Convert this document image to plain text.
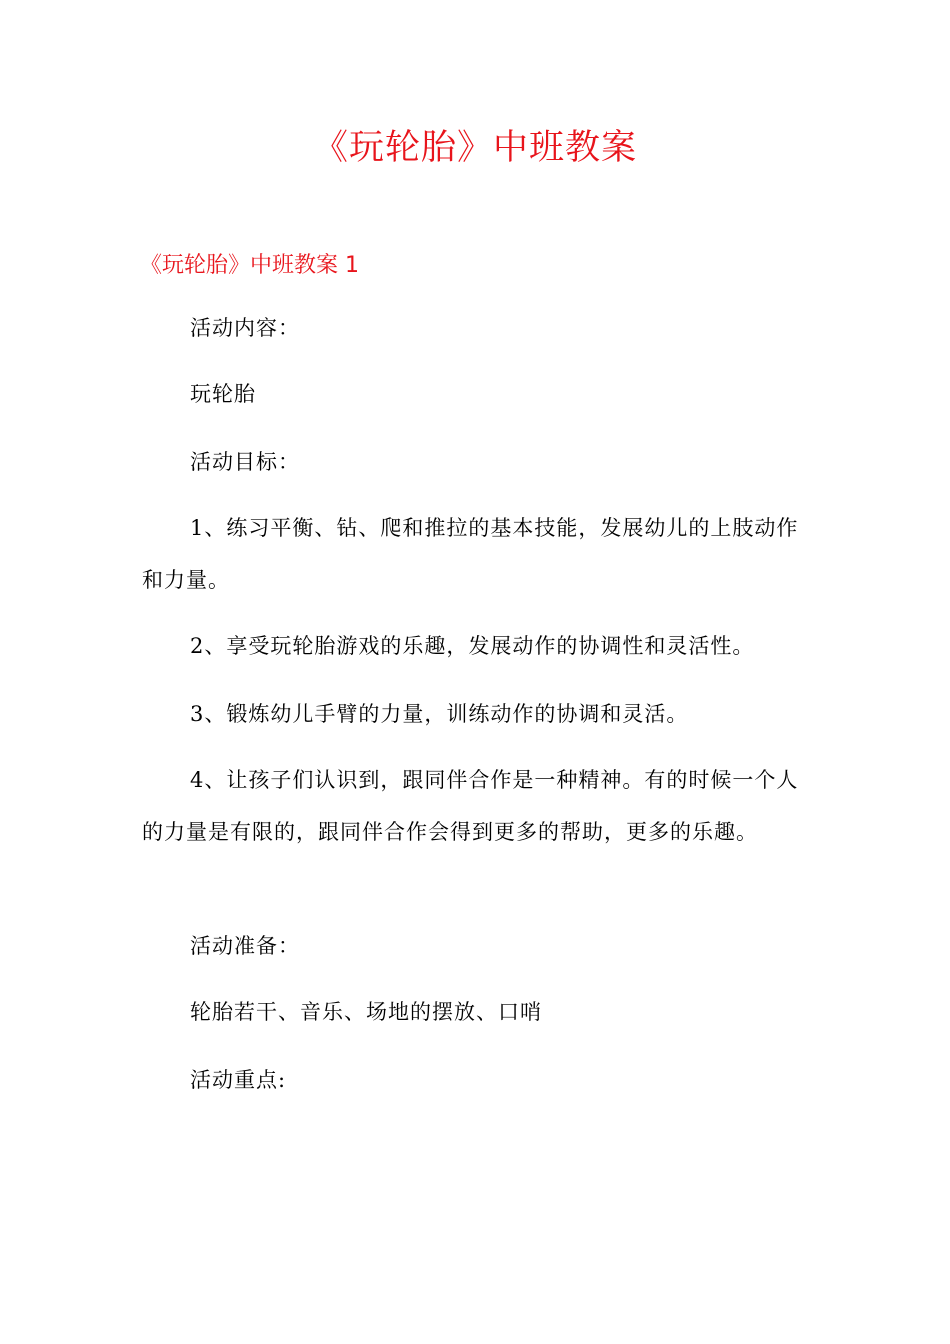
《玩轮胎》中班教案
《玩轮胎》中班教案 1

活动内容：

玩轮胎

活动目标：

1、练习平衡、钻、爬和推拉的基本技能，发展幼儿的上肢动作和力量。

2、享受玩轮胎游戏的乐趣，发展动作的协调性和灵活性。

3、锻炼幼儿手臂的力量，训练动作的协调和灵活。

4、让孩子们认识到，跟同伴合作是一种精神。有的时候一个人的力量是有限的，跟同伴合作会得到更多的帮助，更多的乐趣。

活动准备：

轮胎若干、音乐、场地的摆放、口哨

活动重点:
